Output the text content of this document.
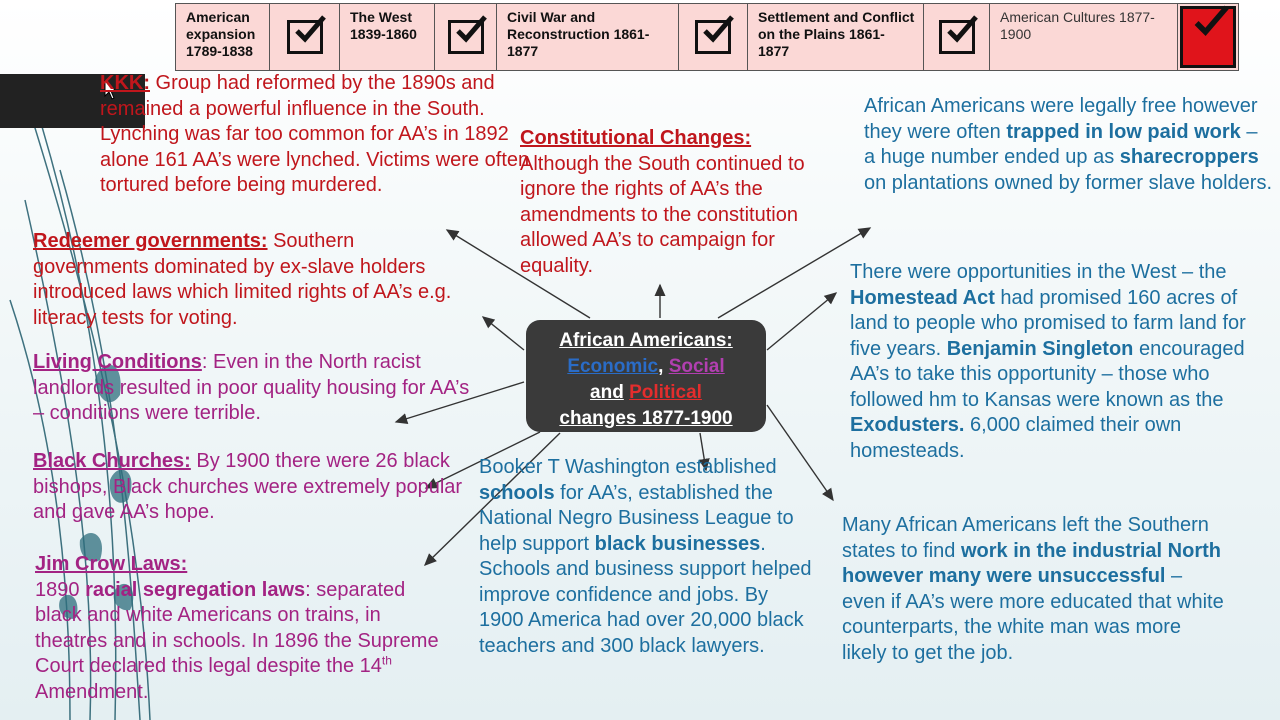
American expansion 1789-1838
The West 1839-1860
Civil War and Reconstruction 1861-1877
Settlement and Conflict on the Plains 1861-1877
American Cultures 1877-1900
African Americans:
Economic, Social
and Political
changes 1877-1900
KKK: Group had reformed by the 1890s and remained a powerful influence in the South. Lynching was far too common for AA’s in 1892 alone 161 AA’s were lynched. Victims were often tortured before being murdered.
Constitutional Changes:
Although the South continued to ignore the rights of AA’s the amendments to the constitution allowed AA’s to campaign for equality.
Redeemer governments: Southern governments dominated by ex-slave holders introduced laws which limited rights of AA’s e.g. literacy tests for voting.
Living Conditions: Even in the North racist landlords resulted in poor quality housing for AA’s – conditions were terrible.
Black Churches: By 1900 there were 26 black bishops, Black churches were extremely popular and gave AA’s hope.
Jim Crow Laws:
1890 racial segregation laws: separated black and white Americans on trains, in theatres and in schools. In 1896 the Supreme Court declared this legal despite the 14th Amendment.
African Americans were legally free however they were often trapped in low paid work – a huge number ended up as sharecroppers on plantations owned by former slave holders.
There were opportunities in the West – the Homestead Act had promised 160 acres of land to people who promised to farm land for five years. Benjamin Singleton encouraged AA’s to take this opportunity – those who followed hm to Kansas were known as the Exodusters. 6,000 claimed their own homesteads.
Booker T Washington established schools for AA’s, established the National Negro Business League to help support black businesses. Schools and business support helped improve confidence and jobs. By 1900 America had over 20,000 black teachers and 300 black lawyers.
Many African Americans left the Southern states to find work in the industrial North however many were unsuccessful – even if AA’s were more educated that white counterparts, the white man was more likely to get the job.
